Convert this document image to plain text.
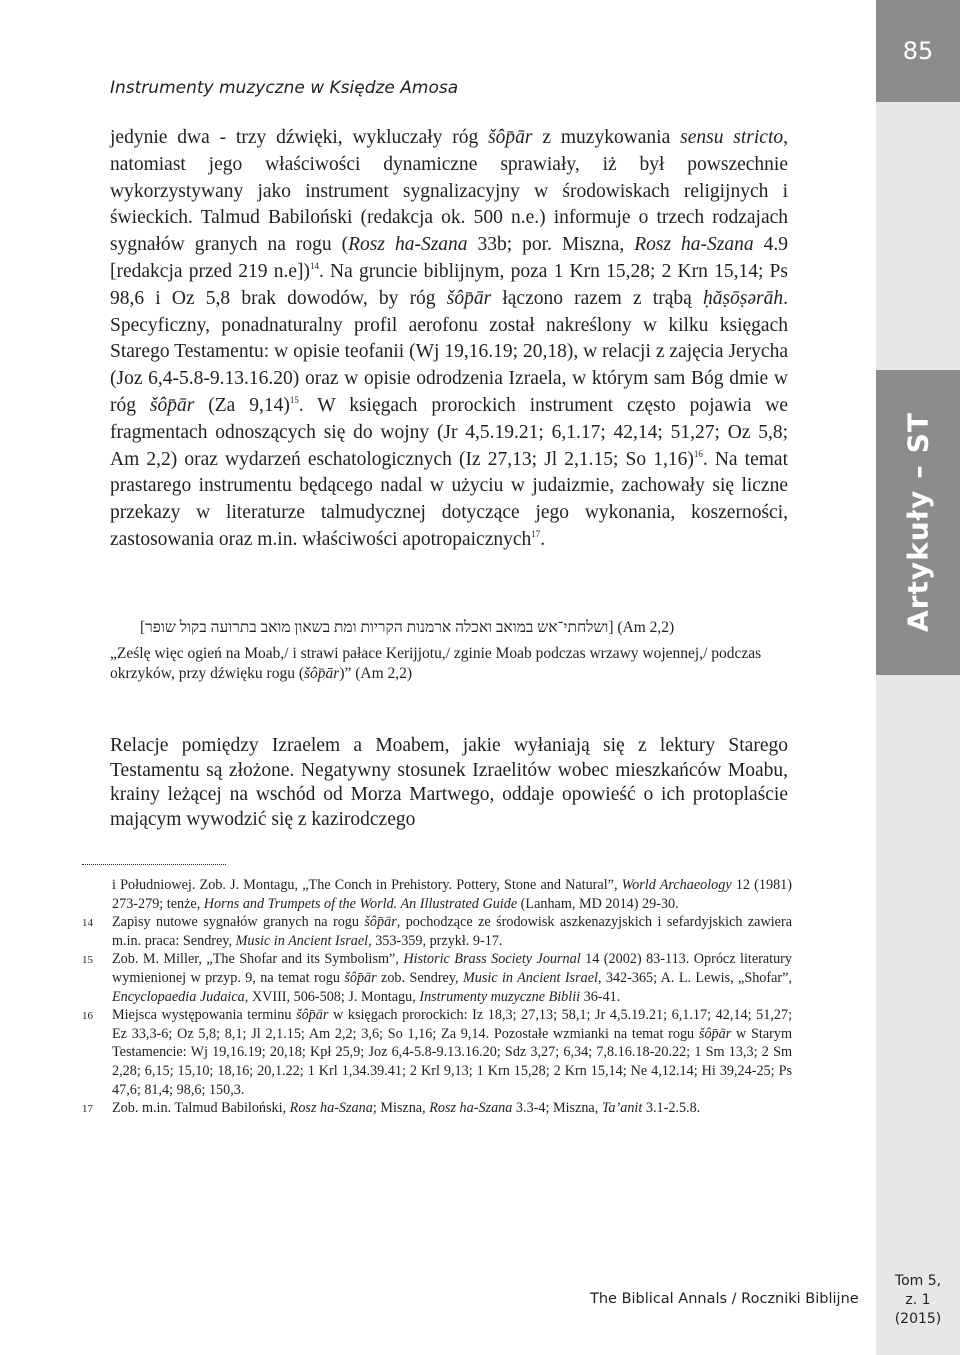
85
Artykuły – ST
Tom 5,
z. 1
(2015)
Instrumenty muzyczne w Księdze Amosa

jedynie dwa - trzy dźwięki, wykluczały róg šôp̄ār z muzykowania sensu stricto, natomiast jego właściwości dynamiczne sprawiały, iż był powszechnie wykorzystywany jako instrument sygnalizacyjny w środowiskach religijnych i świeckich. Talmud Babiloński (redakcja ok. 500 n.e.) informuje o trzech rodzajach sygnałów granych na rogu (Rosz ha-Szana 33b; por. Miszna, Rosz ha-Szana 4.9 [redakcja przed 219 n.e])$^{14}$. Na gruncie biblijnym, poza 1 Krn 15,28; 2 Krn 15,14; Ps 98,6 i Oz 5,8 brak dowodów, by róg šôp̄ār łączono razem z trąbą ḥăṣōṣərāh. Specyficzny, ponadnaturalny profil aerofonu został nakreślony w kilku księgach Starego Testamentu: w opisie teofanii (Wj 19,16.19; 20,18), w relacji z zajęcia Jerycha (Joz 6,4-5.8-9.13.16.20) oraz w opisie odrodzenia Izraela, w którym sam Bóg dmie w róg šôp̄ār (Za 9,14)$^{15}$. W księgach prorockich instrument często pojawia we fragmentach odnoszących się do wojny (Jr 4,5.19.21; 6,1.17; 42,14; 51,27; Oz 5,8; Am 2,2) oraz wydarzeń eschatologicznych (Iz 27,13; Jl 2,1.15; So 1,16)$^{16}$. Na temat prastarego instrumentu będącego nadal w użyciu w judaizmie, zachowały się liczne przekazy w literaturze talmudycznej dotyczące jego wykonania, koszerności, zastosowania oraz m.in. właściwości apotropaicznych$^{17}$.

[ושלחתי־אש במואב ואכלה ארמנות הקריות ומת בשאון מואב בתרועה בקול שופר] (Am 2,2)
„Ześlę więc ogień na Moab,/ i strawi pałace Kerijjotu,/ zginie Moab podczas wrzawy wojennej,/ podczas okrzyków, przy dźwięku rogu (šôp̄ār)” (Am 2,2)

Relacje pomiędzy Izraelem a Moabem, jakie wyłaniają się z lektury Starego Testamentu są złożone. Negatywny stosunek Izraelitów wobec mieszkańców Moabu, krainy leżącej na wschód od Morza Martwego, oddaje opowieść o ich protoplaście mającym wywodzić się z kazirodczego

i Południowej. Zob. J. Montagu, „The Conch in Prehistory. Pottery, Stone and Natural”, World Archaeology 12 (1981) 273-279; tenże, Horns and Trumpets of the World. An Illustrated Guide (Lanham, MD 2014) 29-30.
14 Zapisy nutowe sygnałów granych na rogu šôp̄ār, pochodzące ze środowisk aszkenazyjskich i sefardyjskich zawiera m.in. praca: Sendrey, Music in Ancient Israel, 353-359, przykł. 9-17.
15 Zob. M. Miller, „The Shofar and its Symbolism”, Historic Brass Society Journal 14 (2002) 83-113. Oprócz literatury wymienionej w przyp. 9, na temat rogu šôp̄ār zob. Sendrey, Music in Ancient Israel, 342-365; A. L. Lewis, „Shofar”, Encyclopaedia Judaica, XVIII, 506-508; J. Montagu, Instrumenty muzyczne Biblii 36-41.
16 Miejsca występowania terminu šôp̄ār w księgach prorockich: Iz 18,3; 27,13; 58,1; Jr 4,5.19.21; 6,1.17; 42,14; 51,27; Ez 33,3-6; Oz 5,8; 8,1; Jl 2,1.15; Am 2,2; 3,6; So 1,16; Za 9,14. Pozostałe wzmianki na temat rogu šôp̄ār w Starym Testamencie: Wj 19,16.19; 20,18; Kpł 25,9; Joz 6,4-5.8-9.13.16.20; Sdz 3,27; 6,34; 7,8.16.18-20.22; 1 Sm 13,3; 2 Sm 2,28; 6,15; 15,10; 18,16; 20,1.22; 1 Krl 1,34.39.41; 2 Krl 9,13; 1 Krn 15,28; 2 Krn 15,14; Ne 4,12.14; Hi 39,24-25; Ps 47,6; 81,4; 98,6; 150,3.
17 Zob. m.in. Talmud Babiloński, Rosz ha-Szana; Miszna, Rosz ha-Szana 3.3-4; Miszna, Ta’anit 3.1-2.5.8.
The Biblical Annals / Roczniki Biblijne
